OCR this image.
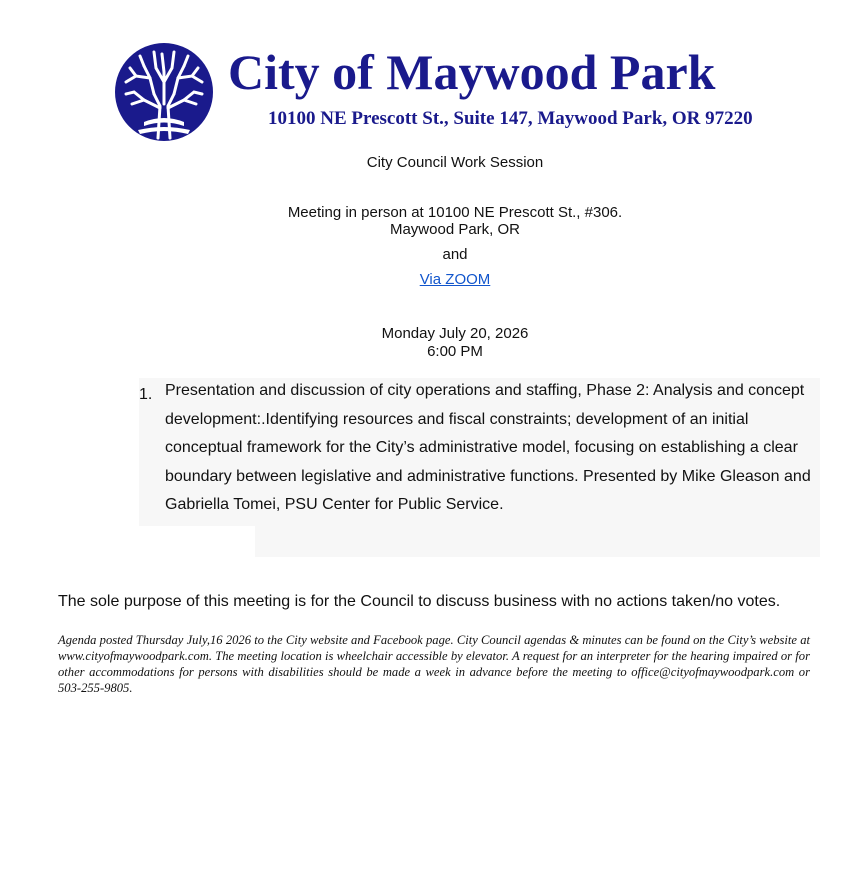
City of Maywood Park
10100 NE Prescott St., Suite 147, Maywood Park, OR 97220
City Council Work Session
Meeting in person at 10100 NE Prescott St., #306.
Maywood Park, OR
and
Via ZOOM
Monday July 20, 2026
6:00 PM
1. Presentation and discussion of city operations and staffing, Phase 2: Analysis and concept development:.Identifying resources and fiscal constraints; development of an initial conceptual framework for the City’s administrative model, focusing on establishing a clear boundary between legislative and administrative functions. Presented by Mike Gleason and Gabriella Tomei, PSU Center for Public Service.
The sole purpose of this meeting is for the Council to discuss business with no actions taken/no votes.
Agenda posted Thursday July,16 2026 to the City website and Facebook page. City Council agendas & minutes can be found on the City’s website at www.cityofmaywoodpark.com. The meeting location is wheelchair accessible by elevator. A request for an interpreter for the hearing impaired or for other accommodations for persons with disabilities should be made a week in advance before the meeting to office@cityofmaywoodpark.com or 503-255-9805.
